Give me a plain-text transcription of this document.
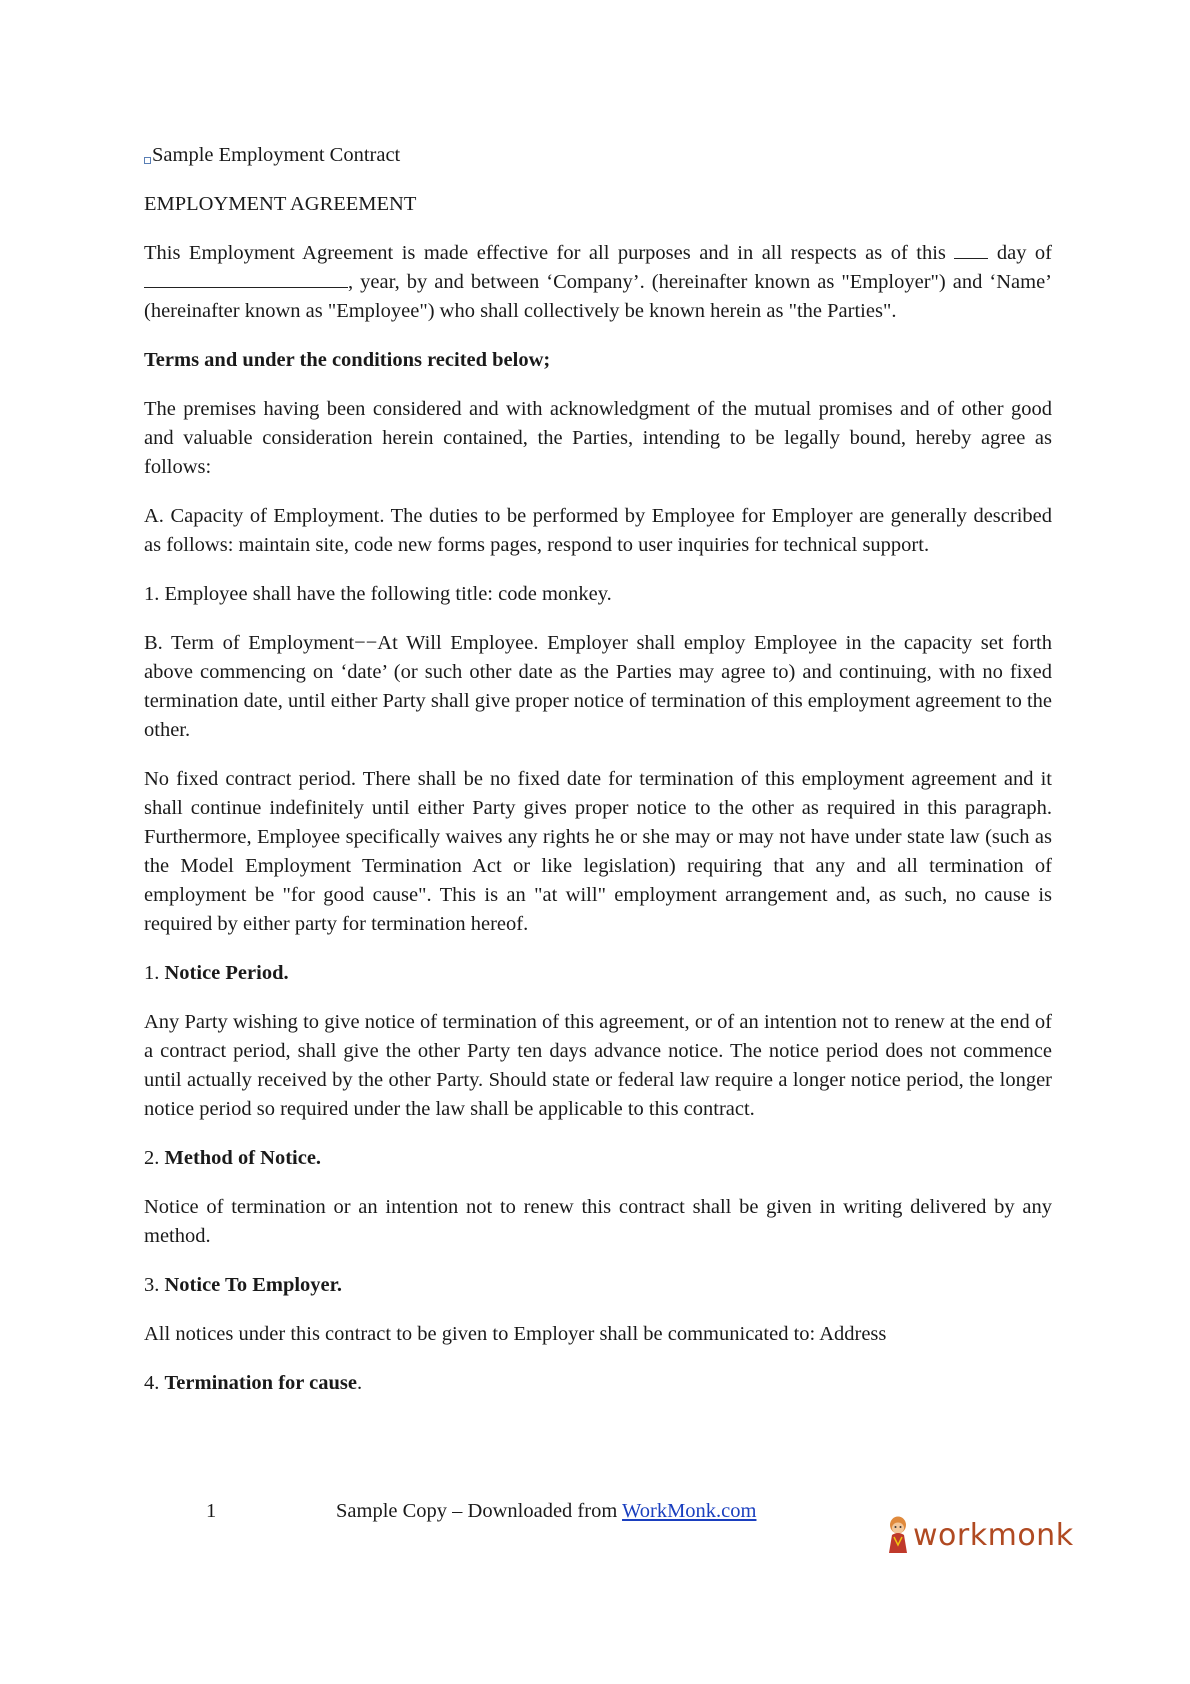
Sample Employment Contract

EMPLOYMENT AGREEMENT

This Employment Agreement is made effective for all purposes and in all respects as of this  day of , year, by and between ‘Company’. (hereinafter known as "Employer") and ‘Name’ (hereinafter known as "Employee") who shall collectively be known herein as "the Parties".

Terms and under the conditions recited below;

The premises having been considered and with acknowledgment of the mutual promises and of other good and valuable consideration herein contained, the Parties, intending to be legally bound, hereby agree as follows:

A. Capacity of Employment. The duties to be performed by Employee for Employer are generally described as follows: maintain site, code new forms pages, respond to user inquiries for technical support.

1. Employee shall have the following title: code monkey.

B. Term of Employment−−At Will Employee. Employer shall employ Employee in the capacity set forth above commencing on ‘date’ (or such other date as the Parties may agree to) and continuing, with no fixed termination date, until either Party shall give proper notice of termination of this employment agreement to the other.

No fixed contract period. There shall be no fixed date for termination of this employment agreement and it shall continue indefinitely until either Party gives proper notice to the other as required in this paragraph. Furthermore, Employee specifically waives any rights he or she may or may not have under state law (such as the Model Employment Termination Act or like legislation) requiring that any and all termination of employment be "for good cause". This is an "at will" employment arrangement and, as such, no cause is required by either party for termination hereof.

1. Notice Period.

Any Party wishing to give notice of termination of this agreement, or of an intention not to renew at the end of a contract period, shall give the other Party ten days advance notice. The notice period does not commence until actually received by the other Party. Should state or federal law require a longer notice period, the longer notice period so required under the law shall be applicable to this contract.

2. Method of Notice.

Notice of termination or an intention not to renew this contract shall be given in writing delivered by any method.

3. Notice To Employer.

All notices under this contract to be given to Employer shall be communicated to: Address

4. Termination for cause.

1	Sample Copy – Downloaded from WorkMonk.com
workmonk
